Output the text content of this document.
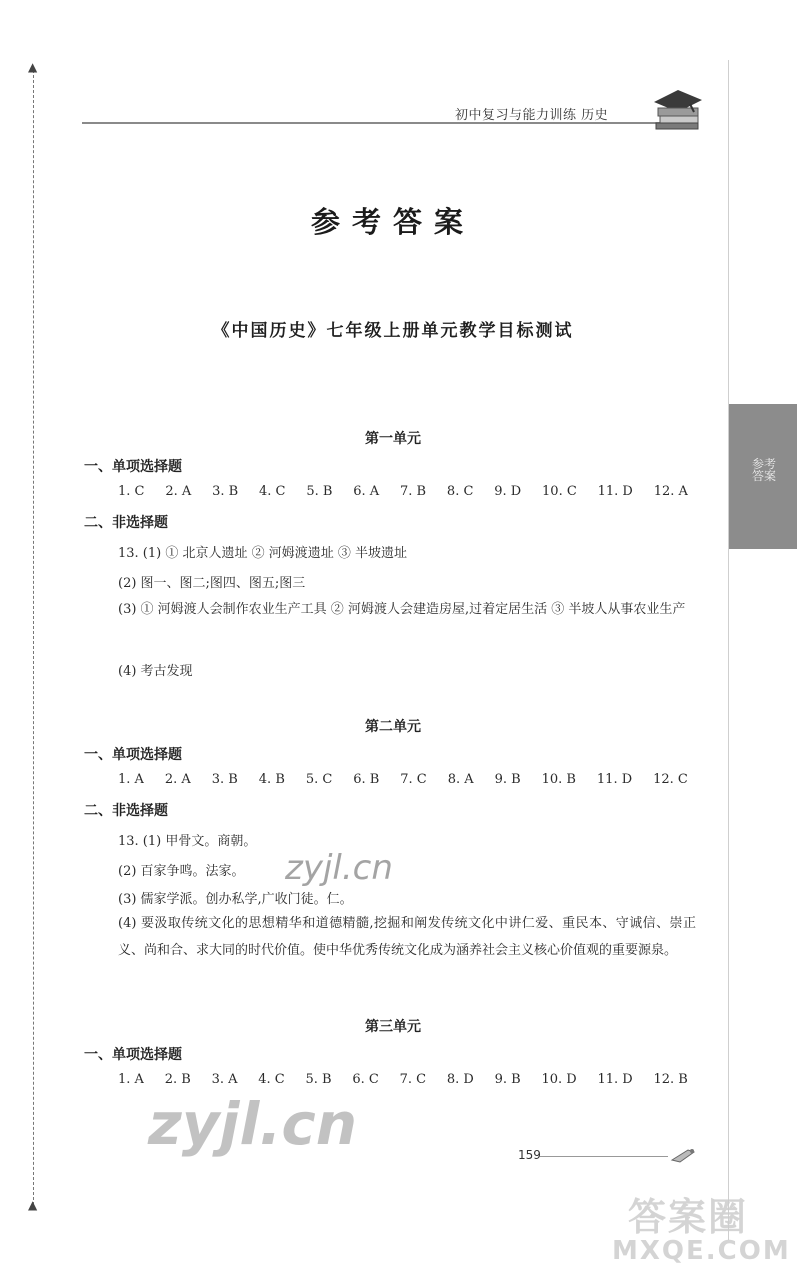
▲
▲
初中复习与能力训练 历史
参考答案
参考答案
《中国历史》七年级上册单元教学目标测试
第一单元
一、单项选择题
1. C 2. A 3. B 4. C 5. B 6. A 7. B 8. C 9. D 10. C 11. D 12. A
二、非选择题
13. (1) ① 北京人遗址 ② 河姆渡遗址 ③ 半坡遗址
(2) 图一、图二;图四、图五;图三
(3) ① 河姆渡人会制作农业生产工具 ② 河姆渡人会建造房屋,过着定居生活 ③ 半坡人从事农业生产
(4) 考古发现
第二单元
一、单项选择题
1. A 2. A 3. B 4. B 5. C 6. B 7. C 8. A 9. B 10. B 11. D 12. C
二、非选择题
13. (1) 甲骨文。商朝。
(2) 百家争鸣。法家。
(3) 儒家学派。创办私学,广收门徒。仁。
(4) 要汲取传统文化的思想精华和道德精髓,挖掘和阐发传统文化中讲仁爱、重民本、守诚信、崇正义、尚和合、求大同的时代价值。使中华优秀传统文化成为涵养社会主义核心价值观的重要源泉。
第三单元
一、单项选择题
1. A 2. B 3. A 4. C 5. B 6. C 7. C 8. D 9. B 10. D 11. D 12. B
zyjl.cn
zyjl.cn
答案圈
MXQE.COM
159
